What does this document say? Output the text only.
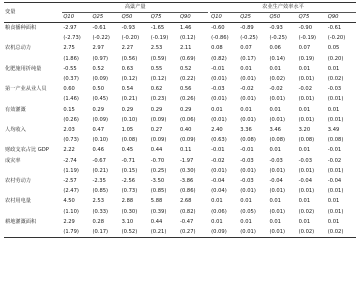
变量	高粱产量						农业生产效率水平				
	Q10	Q25	Q50	Q75	Q90		Q10	Q25	Q50	Q75	Q90
粮食播种面积	-2.97	-0.61	-0.93	-1.65	1.46		-0.60	-0.89	-0.93	-0.90	-0.61
	(-2.73)	(-0.22)	(-0.20)	(-0.19)	(0.12)		(-0.86)	(-0.25)	(-0.25)	(-0.19)	(-0.20)
农机总动力	2.75	2.97	2.27	2.53	2.11		0.08	0.07	0.06	0.07	0.05
	(1.86)	(0.97)	(0.56)	(0.59)	(0.69)		(0.82)	(0.17)	(0.14)	(0.19)	(0.20)
化肥施用折纯量	-0.55	0.52	0.63	0.55	0.52		-0.01	0.01	0.01	0.01	0.01
	(0.37)	(0.09)	(0.12)	(0.12)	(0.22)		(0.01)	(0.01)	(0.02)	(0.01)	(0.02)
第一产业从业人员	0.60	0.50	0.54	0.62	0.56		-0.03	-0.02	-0.02	-0.02	-0.03
	(1.46)	(0.45)	(0.21)	(0.23)	(0.26)		(0.01)	(0.01)	(0.01)	(0.01)	(0.01)
有效灌溉	0.15	0.29	0.29	0.29	0.29		0.01	0.01	0.01	0.01	0.01
	(0.26)	(0.09)	(0.10)	(0.09)	(0.06)		(0.01)	(0.01)	(0.01)	(0.01)	(0.01)
人均收入	2.03	0.47	1.05	0.27	0.40		2.40	3.36	3.46	3.20	3.49
	(0.73)	(0.10)	(0.08)	(0.09)	(0.09)		(0.63)	(0.08)	(0.08)	(0.08)	(0.08)
财政支农占比 GDP	2.22	0.46	0.45	0.44	0.11		-0.01	-0.01	0.01	0.01	-0.01
成灾率	-2.74	-0.67	-0.71	-0.70	-1.97		-0.02	-0.03	-0.03	-0.03	-0.02
	(1.19)	(0.21)	(0.15)	(0.25)	(0.30)		(0.01)	(0.01)	(0.01)	(0.01)	(0.01)
农村劳动力	-2.57	-2.35	-2.56	-3.50	-3.86		-0.04	-0.03	-0.04	-0.04	-0.04
	(2.47)	(0.85)	(0.73)	(0.85)	(0.86)		(0.04)	(0.01)	(0.01)	(0.01)	(0.01)
农村用电量	4.50	2.53	2.88	5.88	2.68		0.01	0.01	0.01	0.01	0.01
	(1.10)	(0.33)	(0.30)	(0.39)	(0.82)		(0.06)	(0.05)	(0.01)	(0.02)	(0.01)
耕地灌溉面积	2.29	0.28	3.10	0.44	-0.47		0.01	0.01	0.01	0.01	0.01
	(1.79)	(0.17)	(0.52)	(0.21)	(0.27)		(0.09)	(0.01)	(0.01)	(0.02)	(0.02)
